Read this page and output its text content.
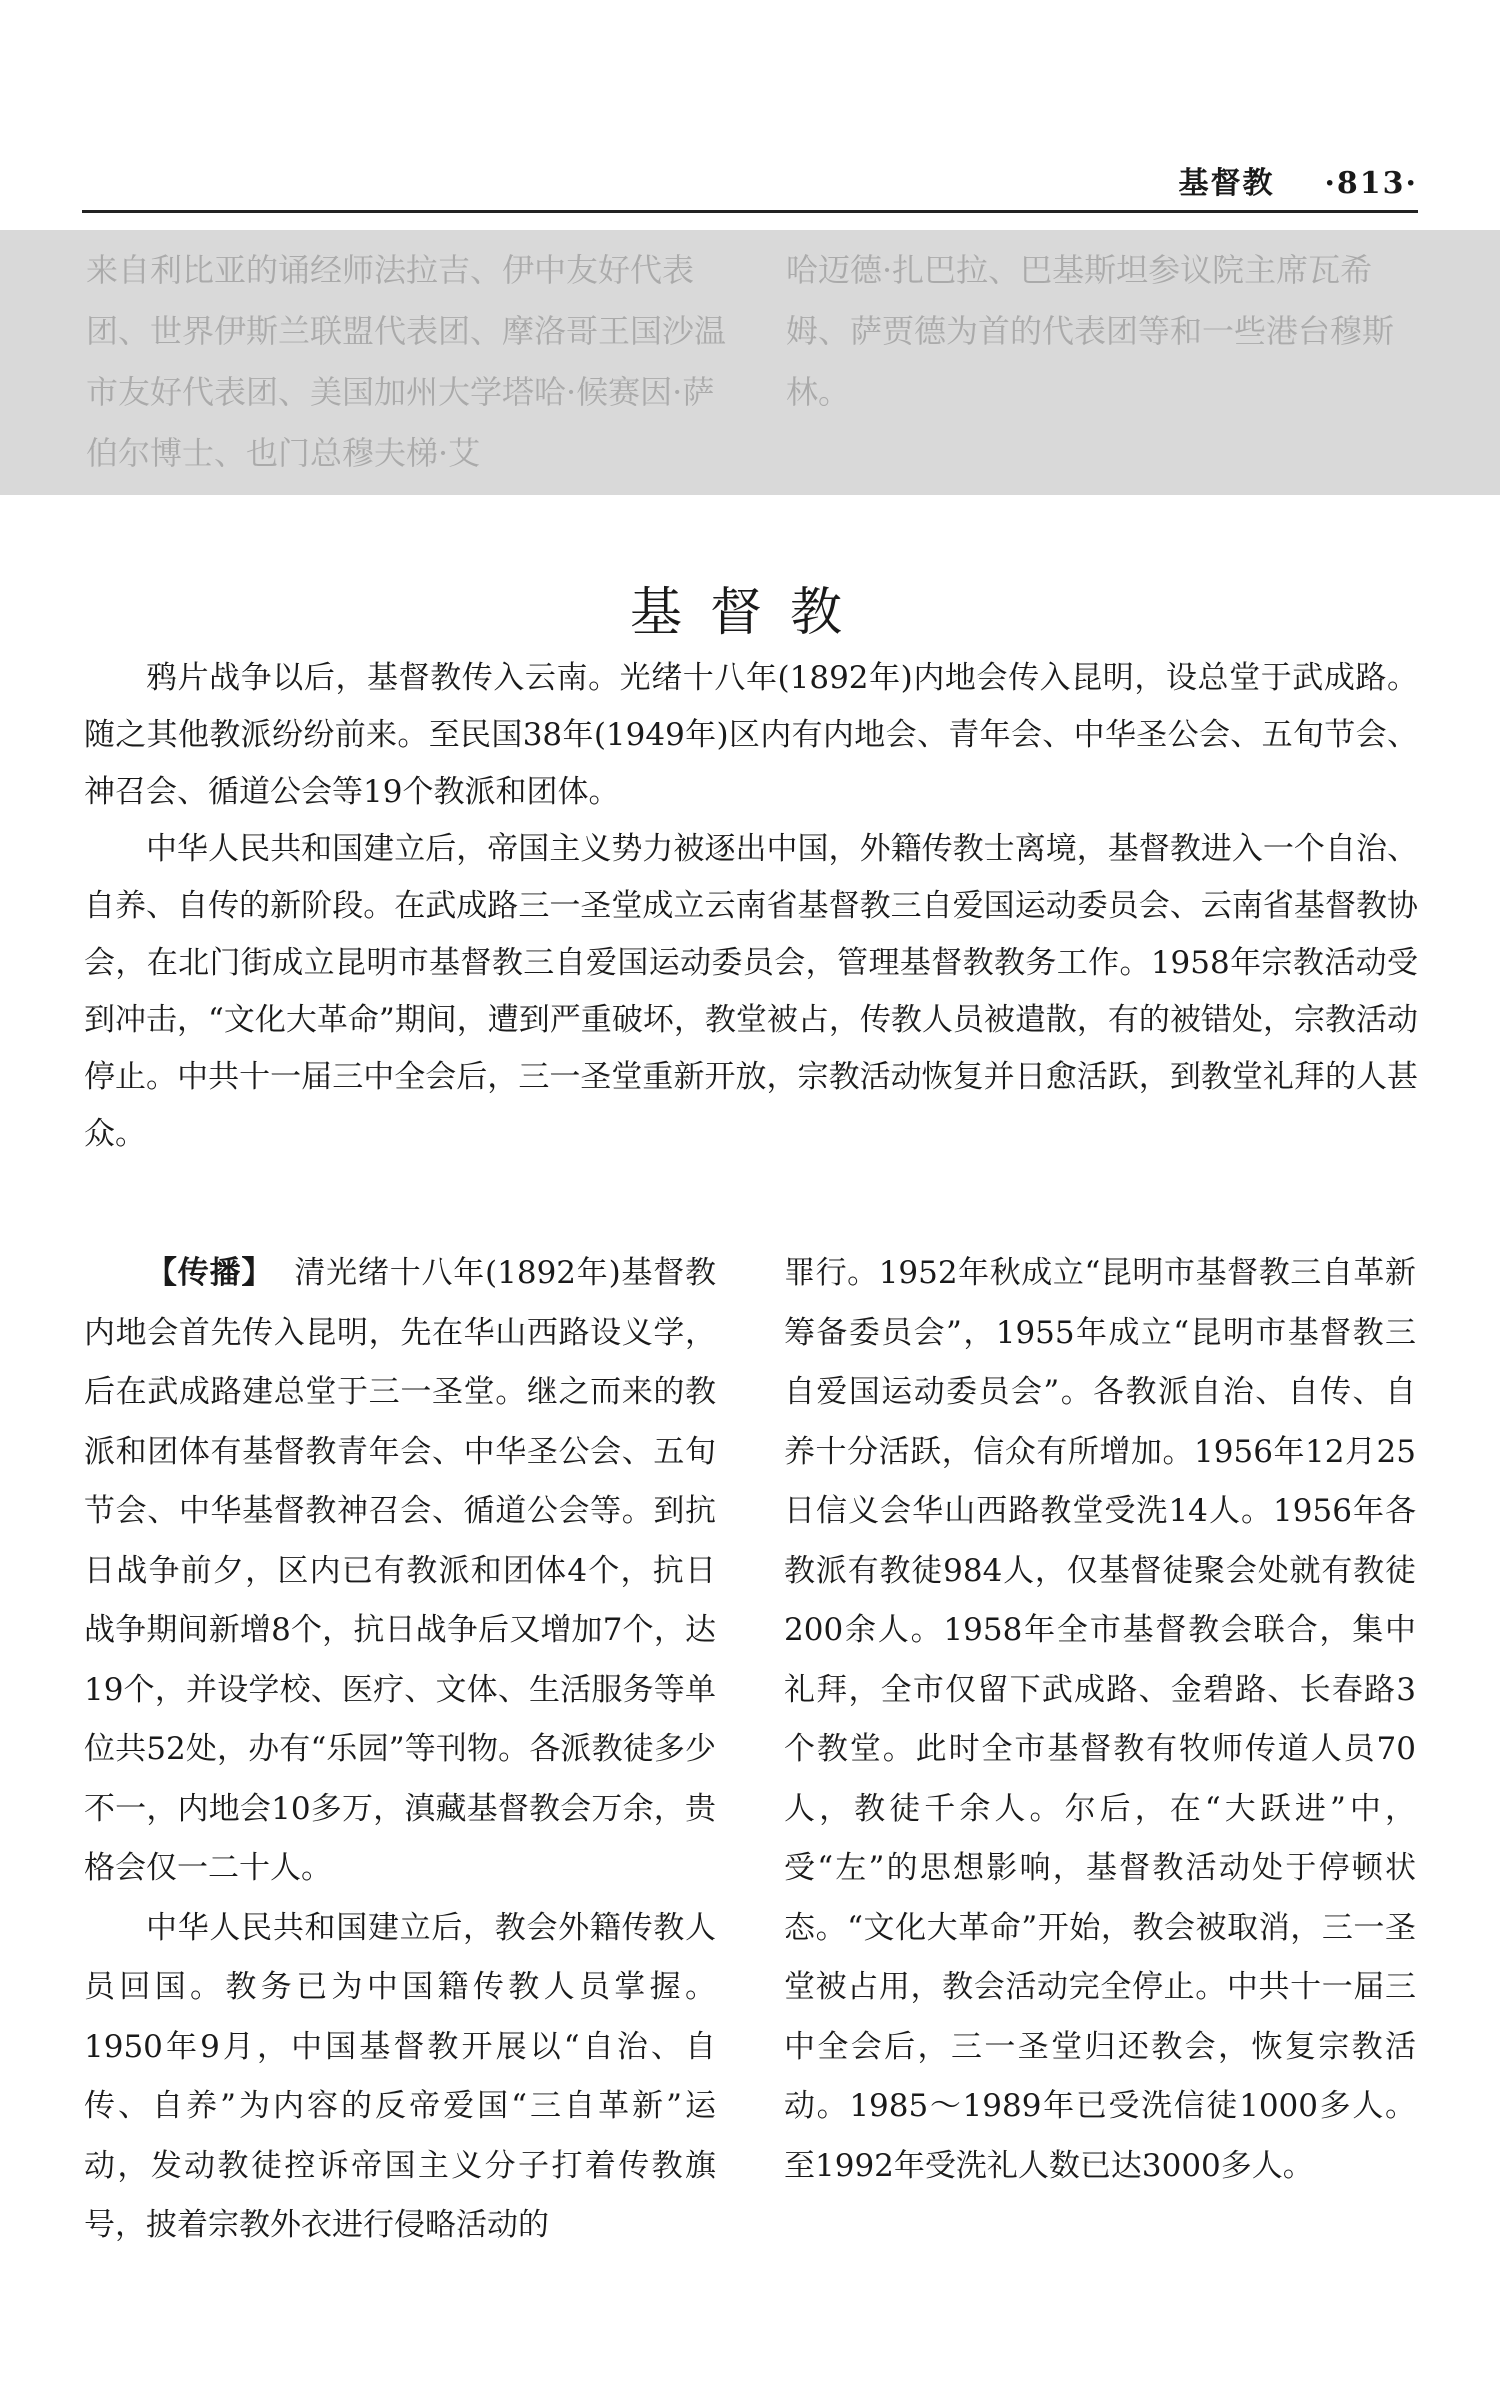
基督教 ·813·
来自利比亚的诵经师法拉吉、伊中友好代表团、世界伊斯兰联盟代表团、摩洛哥王国沙温市友好代表团、美国加州大学塔哈·候赛因·萨伯尔博士、也门总穆夫梯·艾
哈迈德·扎巴拉、巴基斯坦参议院主席瓦希姆、萨贾德为首的代表团等和一些港台穆斯林。
基督教

鸦片战争以后，基督教传入云南。光绪十八年(1892年)内地会传入昆明，设总堂于武成路。随之其他教派纷纷前来。至民国38年(1949年)区内有内地会、青年会、中华圣公会、五旬节会、神召会、循道公会等19个教派和团体。

中华人民共和国建立后，帝国主义势力被逐出中国，外籍传教士离境，基督教进入一个自治、自养、自传的新阶段。在武成路三一圣堂成立云南省基督教三自爱国运动委员会、云南省基督教协会，在北门街成立昆明市基督教三自爱国运动委员会，管理基督教教务工作。1958年宗教活动受到冲击，“文化大革命”期间，遭到严重破坏，教堂被占，传教人员被遣散，有的被错处，宗教活动停止。中共十一届三中全会后，三一圣堂重新开放，宗教活动恢复并日愈活跃，到教堂礼拜的人甚众。

【传播】 清光绪十八年(1892年)基督教内地会首先传入昆明，先在华山西路设义学，后在武成路建总堂于三一圣堂。继之而来的教派和团体有基督教青年会、中华圣公会、五旬节会、中华基督教神召会、循道公会等。到抗日战争前夕，区内已有教派和团体4个，抗日战争期间新增8个，抗日战争后又增加7个，达19个，并设学校、医疗、文体、生活服务等单位共52处，办有“乐园”等刊物。各派教徒多少不一，内地会10多万，滇藏基督教会万余，贵格会仅一二十人。

中华人民共和国建立后，教会外籍传教人员回国。教务已为中国籍传教人员掌握。1950年9月，中国基督教开展以“自治、自传、自养”为内容的反帝爱国“三自革新”运动，发动教徒控诉帝国主义分子打着传教旗号，披着宗教外衣进行侵略活动的

罪行。1952年秋成立“昆明市基督教三自革新筹备委员会”，1955年成立“昆明市基督教三自爱国运动委员会”。各教派自治、自传、自养十分活跃，信众有所增加。1956年12月25日信义会华山西路教堂受洗14人。1956年各教派有教徒984人，仅基督徒聚会处就有教徒200余人。1958年全市基督教会联合，集中礼拜，全市仅留下武成路、金碧路、长春路3个教堂。此时全市基督教有牧师传道人员70人，教徒千余人。尔后，在“大跃进”中，受“左”的思想影响，基督教活动处于停顿状态。“文化大革命”开始，教会被取消，三一圣堂被占用，教会活动完全停止。中共十一届三中全会后，三一圣堂归还教会，恢复宗教活动。1985～1989年已受洗信徒1000多人。至1992年受洗礼人数已达3000多人。
